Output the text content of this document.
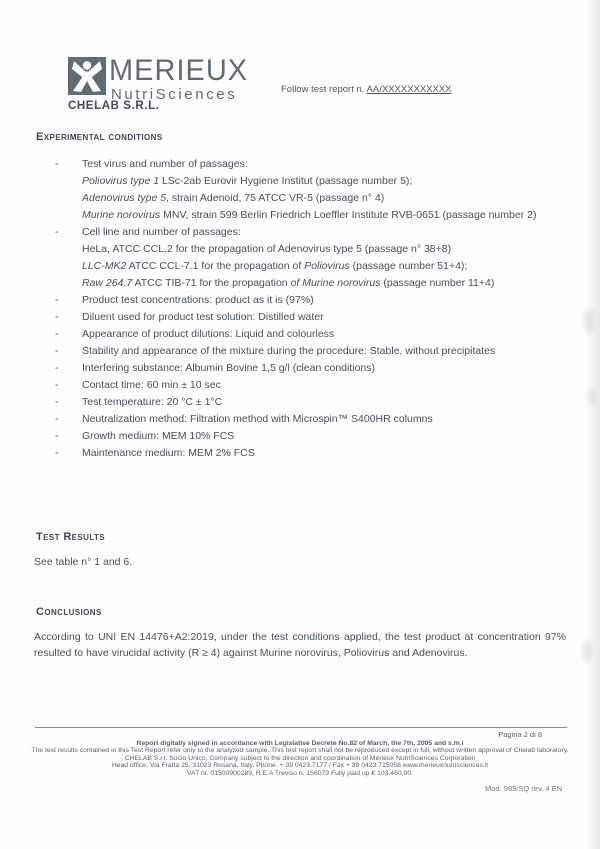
MERIEUX
NutriSciences
CHELAB S.R.L.
Follow test report n. AA/XXXXXXXXXXX
Experimental conditions
-	Test virus and number of passages:
Poliovirus type 1 LSc-2ab Eurovir Hygiene Institut (passage number 5);
Adenovirus type 5, strain Adenoid, 75 ATCC VR-5 (passage n° 4)
Murine norovirus MNV, strain 599 Berlin Friedrich Loeffler Institute RVB-0651 (passage number 2)
-	Cell line and number of passages:
HeLa, ATCC CCL.2 for the propagation of Adenovirus type 5 (passage n° 38+8)
LLC-MK2 ATCC CCL-7.1 for the propagation of Poliovirus (passage number 51+4);
Raw 264.7 ATCC TIB-71 for the propagation of Murine norovirus (passage number 11+4)
-	Product test concentrations: product as it is (97%)
-	Diluent used for product test solution: Distilled water
-	Appearance of product dilutions: Liquid and colourless
-	Stability and appearance of the mixture during the procedure: Stable, without precipitates
-	Interfering substance: Albumin Bovine 1,5 g/l (clean conditions)
-	Contact time: 60 min ± 10 sec
-	Test temperature: 20 °C ± 1°C
-	Neutralization method: Filtration method with Microspin™ S400HR columns
-	Growth medium: MEM 10% FCS
-	Maintenance medium: MEM 2% FCS
Test Results
See table n° 1 and 6.
Conclusions
According to UNI EN 14476+A2:2019, under the test conditions applied, the test product at concentration 97% resulted to have virucidal activity (R ≥ 4) against Murine norovirus, Poliovirus and Adenovirus.
Pagina 2 di 8
Report digitally signed in accordance with Legislative Decrete No.82 of March, the 7th, 2005 and s.m.i
The test results contained in this Test Report refer only to the analyzed sample. This test report shall not be reproduced except in full, without written approval of Chelab laboratory.
CHELAB S.r.l. Socio Unico, Company subject to the direction and coordination of Mérieux NutriSciences Corporation
Head office: Via Fratta 25, 31023 Resana, Italy. Phone. + 39 0423.7177 / Fax + 39 0423.715058 www.merieuxnutrisciences.it
VAT nr. 01500900289, R.E.A Treviso n. 156079 Fully paid up € 103.460,00.
Mod. 989/SQ rev. 4 EN
